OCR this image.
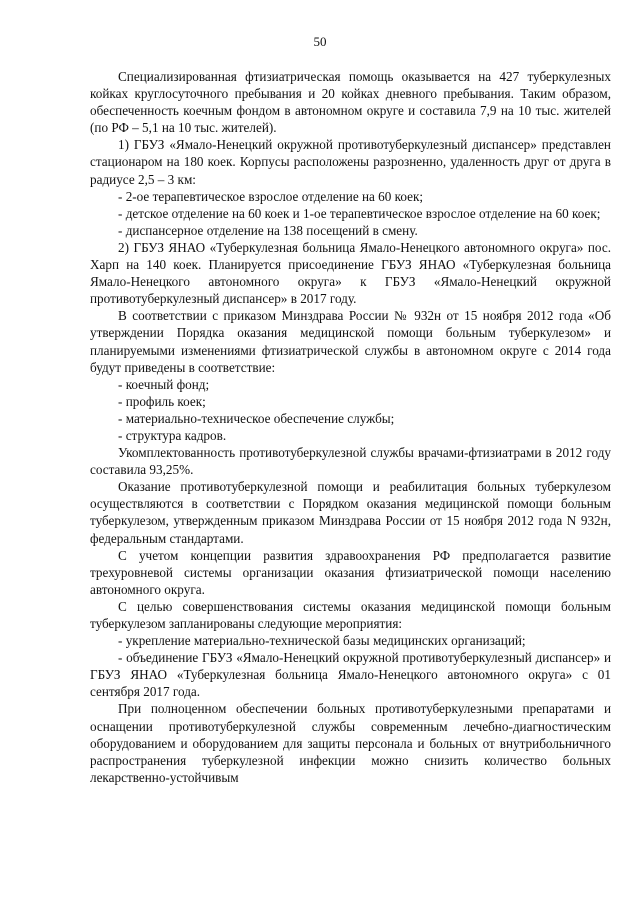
50

Специализированная фтизиатрическая помощь оказывается на 427 туберкулезных койках круглосуточного пребывания и 20 койках дневного пребывания. Таким образом, обеспеченность коечным фондом в автономном округе и составила 7,9 на 10 тыс. жителей (по РФ – 5,1 на 10 тыс. жителей).

1) ГБУЗ «Ямало-Ненецкий окружной противотуберкулезный диспансер» представлен стационаром на 180 коек. Корпусы расположены разрозненно, удаленность друг от друга в радиусе 2,5 – 3 км:

- 2-ое терапевтическое взрослое отделение на 60 коек;

- детское отделение на 60 коек и 1-ое терапевтическое взрослое отделение на 60 коек;

- диспансерное отделение на 138 посещений в смену.

2) ГБУЗ ЯНАО «Туберкулезная больница Ямало-Ненецкого автономного округа» пос. Харп на 140 коек. Планируется присоединение ГБУЗ ЯНАО «Туберкулезная больница Ямало-Ненецкого автономного округа» к ГБУЗ «Ямало-Ненецкий окружной противотуберкулезный диспансер» в 2017 году.

В соответствии с приказом Минздрава России № 932н от 15 ноября 2012 года «Об утверждении Порядка оказания медицинской помощи больным туберкулезом» и планируемыми изменениями фтизиатрической службы в автономном округе с 2014 года будут приведены в соответствие:

- коечный фонд;

- профиль коек;

- материально-техническое обеспечение службы;

- структура кадров.

Укомплектованность противотуберкулезной службы врачами-фтизиатрами в 2012 году составила 93,25%.

Оказание противотуберкулезной помощи и реабилитация больных туберкулезом осуществляются в соответствии с Порядком оказания медицинской помощи больным туберкулезом, утвержденным приказом Минздрава России от 15 ноября 2012 года N 932н, федеральным стандартами.

С учетом концепции развития здравоохранения РФ предполагается развитие трехуровневой системы организации оказания фтизиатрической помощи населению автономного округа.

С целью совершенствования системы оказания медицинской помощи больным туберкулезом запланированы следующие мероприятия:

- укрепление материально-технической базы медицинских организаций;

- объединение ГБУЗ «Ямало-Ненецкий окружной противотуберкулезный диспансер» и ГБУЗ ЯНАО «Туберкулезная больница Ямало-Ненецкого автономного округа» с 01 сентября 2017 года.

При полноценном обеспечении больных противотуберкулезными препаратами и оснащении противотуберкулезной службы современным лечебно-диагностическим оборудованием и оборудованием для защиты персонала и больных от внутрибольничного распространения туберкулезной инфекции можно снизить количество больных лекарственно-устойчивым
